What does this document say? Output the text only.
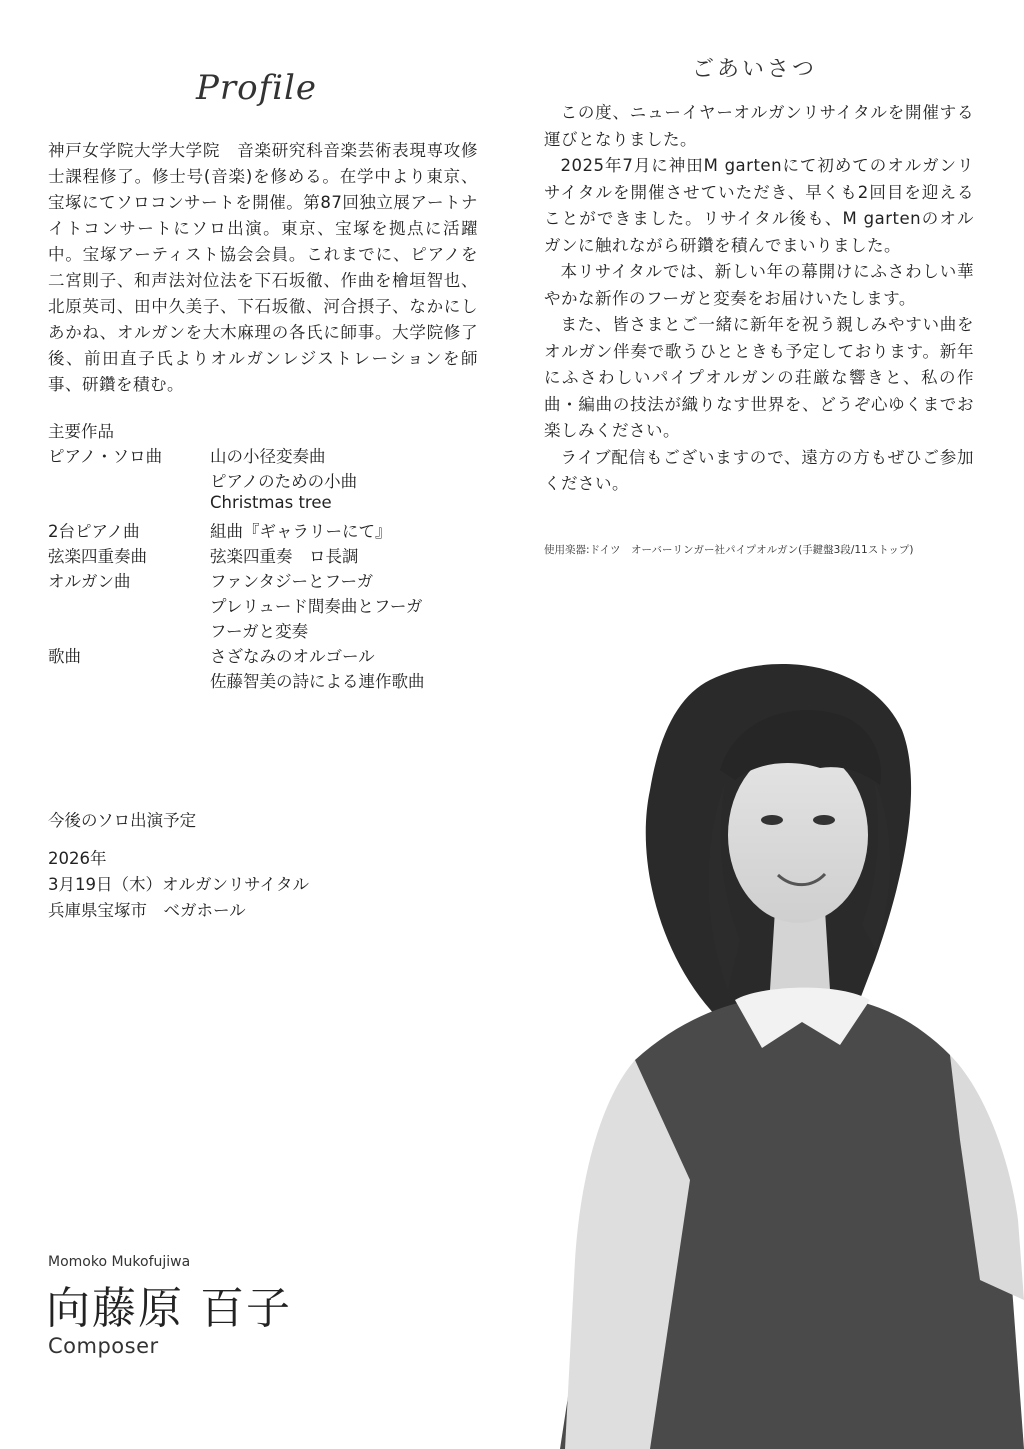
Profile
神戸女学院大学大学院　音楽研究科音楽芸術表現専攻修士課程修了。修士号(音楽)を修める。在学中より東京、宝塚にてソロコンサートを開催。第87回独立展アートナイトコンサートにソロ出演。東京、宝塚を拠点に活躍中。宝塚アーティスト協会会員。これまでに、ピアノを二宮則子、和声法対位法を下石坂徹、作曲を檜垣智也、北原英司、田中久美子、下石坂徹、河合摂子、なかにしあかね、オルガンを大木麻理の各氏に師事。大学院修了後、前田直子氏よりオルガンレジストレーションを師事、研鑽を積む。
主要作品
ピアノ・ソロ曲	山の小径変奏曲
	ピアノのための小曲
	Christmas tree
2台ピアノ曲	組曲『ギャラリーにて』
弦楽四重奏曲	弦楽四重奏　ロ長調
オルガン曲	ファンタジーとフーガ
	プレリュード間奏曲とフーガ
	フーガと変奏
歌曲	さざなみのオルゴール
	佐藤智美の詩による連作歌曲
今後のソロ出演予定
2026年
3月19日（木）オルガンリサイタル
兵庫県宝塚市　ベガホール
ごあいさつ

この度、ニューイヤーオルガンリサイタルを開催する運びとなりました。

2025年7月に神田M gartenにて初めてのオルガンリサイタルを開催させていただき、早くも2回目を迎えることができました。リサイタル後も、M gartenのオルガンに触れながら研鑽を積んでまいりました。

本リサイタルでは、新しい年の幕開けにふさわしい華やかな新作のフーガと変奏をお届けいたします。

また、皆さまとご一緒に新年を祝う親しみやすい曲をオルガン伴奏で歌うひとときも予定しております。新年にふさわしいパイプオルガンの荘厳な響きと、私の作曲・編曲の技法が織りなす世界を、どうぞ心ゆくまでお楽しみください。

ライブ配信もございますので、遠方の方もぜひご参加ください。

使用楽器:ドイツ　オーバーリンガー社パイプオルガン(手鍵盤3段/11ストップ)
Momoko Mukofujiwa
向藤原 百子
Composer
